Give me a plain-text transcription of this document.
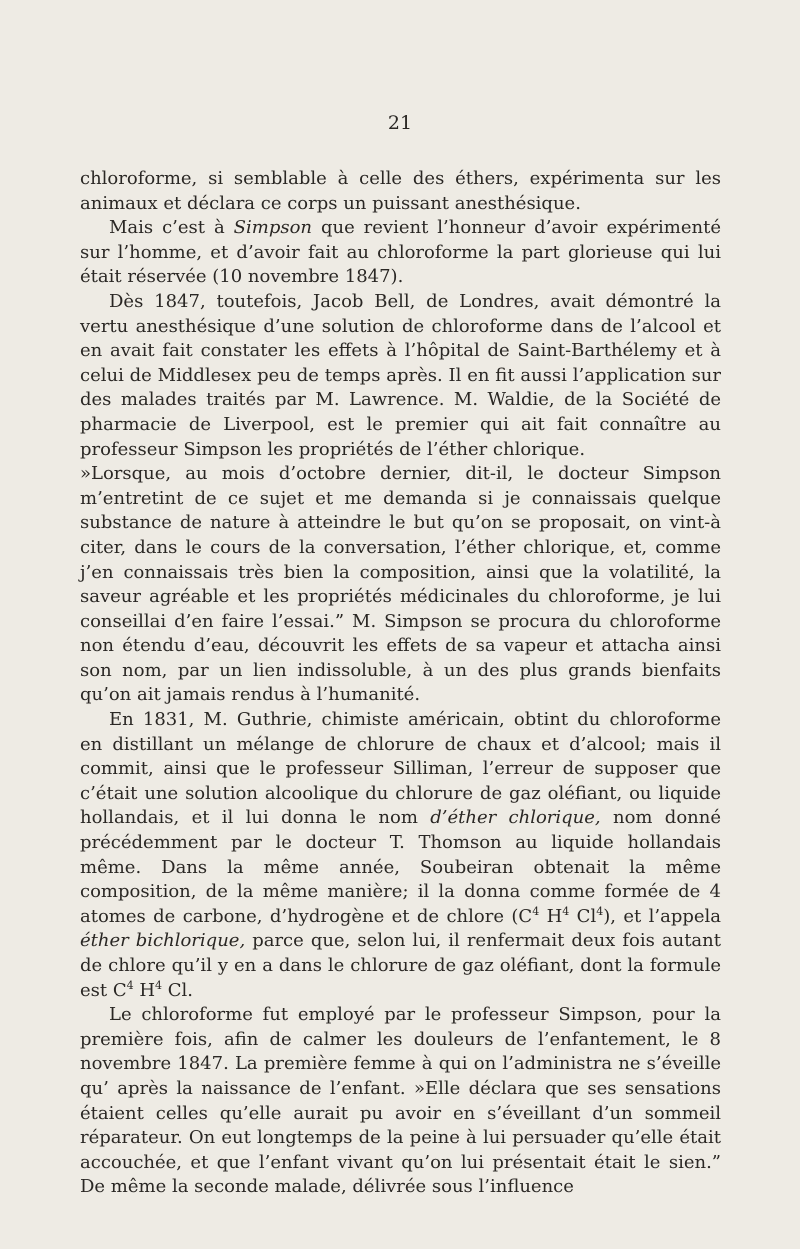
21

chloroforme, si semblable à celle des éthers, expérimenta sur les animaux et déclara ce corps un puissant anesthésique.

Mais c’est à Simpson que revient l’honneur d’avoir expérimenté sur l’homme, et d’avoir fait au chloroforme la part glorieuse qui lui était réservée (10 novembre 1847).

Dès 1847, toutefois, Jacob Bell, de Londres, avait démontré la vertu anesthésique d’une solution de chloroforme dans de l’alcool et en avait fait constater les effets à l’hôpital de Saint-Barthélemy et à celui de Middlesex peu de temps après. Il en fit aussi l’application sur des malades traités par M. Lawrence. M. Waldie, de la Société de pharmacie de Liverpool, est le premier qui ait fait connaître au professeur Simpson les propriétés de l’éther chlorique.

»Lorsque, au mois d’octobre dernier, dit-il, le docteur Simpson m’entretint de ce sujet et me demanda si je connaissais quelque substance de nature à atteindre le but qu’on se proposait, on vint-à citer, dans le cours de la conversation, l’éther chlorique, et, comme j’en connaissais très bien la composition, ainsi que la volatilité, la saveur agréable et les propriétés médicinales du chloroforme, je lui conseillai d’en faire l’essai.” M. Simpson se procura du chloroforme non étendu d’eau, découvrit les effets de sa vapeur et attacha ainsi son nom, par un lien indissoluble, à un des plus grands bienfaits qu’on ait jamais rendus à l’humanité.

En 1831, M. Guthrie, chimiste américain, obtint du chloroforme en distillant un mélange de chlorure de chaux et d’alcool; mais il commit, ainsi que le professeur Silliman, l’erreur de supposer que c’était une solution alcoolique du chlorure de gaz oléfiant, ou liquide hollandais, et il lui donna le nom d’éther chlorique, nom donné précédemment par le docteur T. Thomson au liquide hollandais même. Dans la même année, Soubeiran obtenait la même composition, de la même manière; il la donna comme formée de 4 atomes de carbone, d’hydrogène et de chlore ($C^4$ $H^4$ Cl$^4$), et l’appela éther bichlorique, parce que, selon lui, il renfermait deux fois autant de chlore qu’il y en a dans le chlorure de gaz oléfiant, dont la formule est $C^4$ $H^4$ Cl.

Le chloroforme fut employé par le professeur Simpson, pour la première fois, afin de calmer les douleurs de l’enfantement, le 8 novembre 1847. La première femme à qui on l’administra ne s’éveille qu’ après la naissance de l’enfant. »Elle déclara que ses sensations étaient celles qu’elle aurait pu avoir en s’éveillant d’un sommeil réparateur. On eut longtemps de la peine à lui persuader qu’elle était accouchée, et que l’enfant vivant qu’on lui présentait était le sien.” De même la seconde malade, délivrée sous l’influence
